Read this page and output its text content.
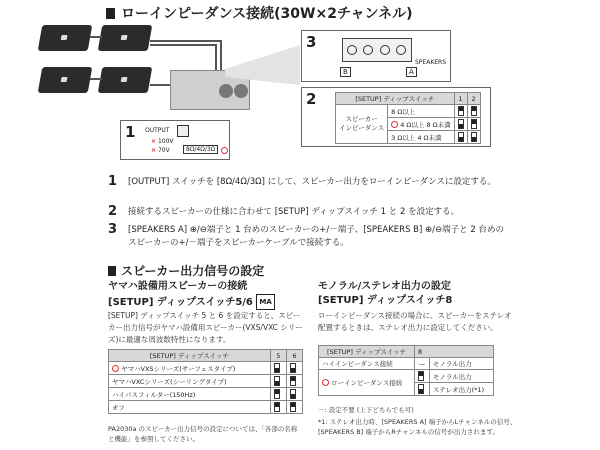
ローインピーダンス接続(30W×2チャンネル)
3
B	A
SPEAKERS
2	[SETUP] ディップスイッチ		1	2
スピーカー
インピーダンス	8 Ω以上		
	4 Ω以上 8 Ω未満		
	3 Ω以上 4 Ω未満		
1 OUTPUT
× 100V
× 70V	8Ω/4Ω/3Ω
1 [OUTPUT] スイッチを [8Ω/4Ω/3Ω] にして、スピーカー出力をローインピーダンスに設定する。
2 接続するスピーカーの仕様に合わせて [SETUP] ディップスイッチ 1 と 2 を設定する。
3 [SPEAKERS A] ⊕/⊖端子と 1 台めのスピーカーの+/－端子、[SPEAKERS B] ⊕/⊖端子と 2 台めのスピーカーの+/－端子をスピーカーケーブルで接続する。
スピーカー出力信号の設定
ヤマハ設備用スピーカーの接続
[SETUP] ディップスイッチ5/6 MA
[SETUP] ディップスイッチ 5 と 6 を設定すると、スピーカー出力信号がヤマハ設備用スピーカー(VXS/VXC シリーズ)に最適な周波数特性になります。
[SETUP] ディップスイッチ	5	6
ヤマハVXSシリーズ(サーフェスタイプ)		
ヤマハVXCシリーズ(シーリングタイプ)		
ハイパスフィルター(150Hz)		
オフ		
PA2030a のスピーカー出力信号の設定については、「各部の名称と機能」を参照してください。
モノラル/ステレオ出力の設定
[SETUP] ディップスイッチ8
ローインピーダンス接続の場合に、スピーカーをステレオ配置するときは、ステレオ出力に設定してください。
[SETUP] ディップスイッチ	8	
ハイインピーダンス接続	—	モノラル出力
ローインピーダンス接続		モノラル出力
		ステレオ出力(*1)
－: 設定不要 (上下どちらでも可)
*1: ステレオ出力時、[SPEAKERS A] 端子からLチャンネルの信号、[SPEAKERS B] 端子からRチャンネルの信号が出力されます。
